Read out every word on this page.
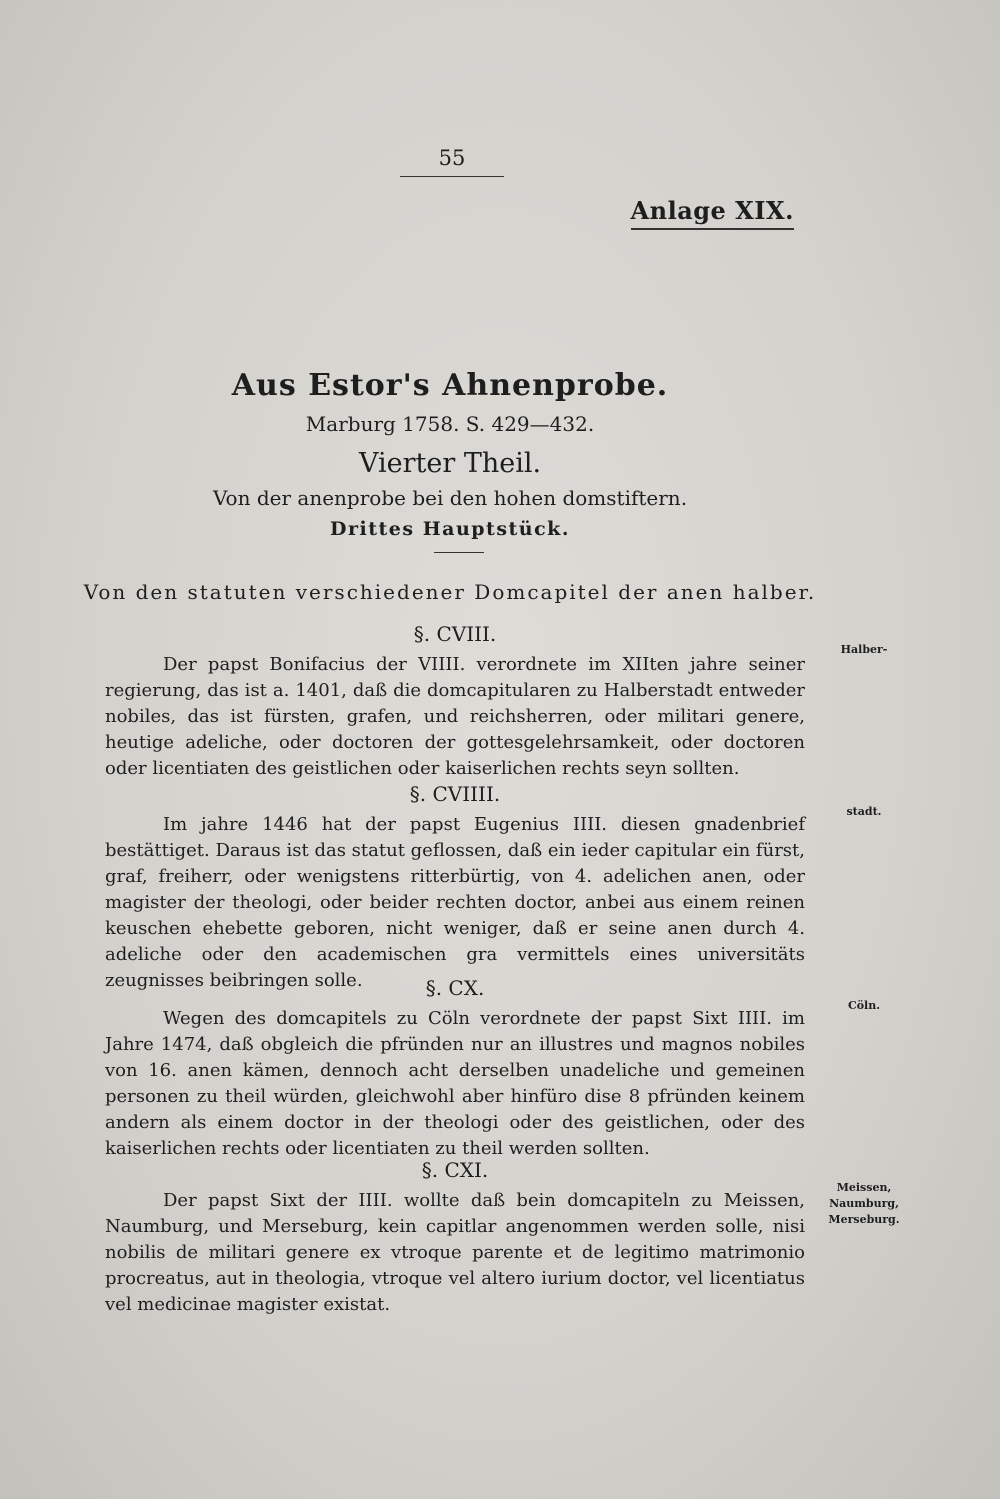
55
Anlage XIX.
Aus Estor's Ahnenprobe.
Marburg 1758. S. 429—432.
Vierter Theil.
Von der anenprobe bei den hohen domstiftern.
Drittes Hauptstück.
Von den statuten verschiedener Domcapitel der anen halber.
§. CVIII.

Der papst Bonifacius der VIIII. verordnete im XIIten jahre seiner regierung, das ist a. 1401, daß die domcapitularen zu Halberstadt entweder nobiles, das ist fürsten, grafen, und reichsherren, oder militari genere, heutige adeliche, oder doctoren der gottesgelehrsamkeit, oder doctoren oder licentiaten des geistlichen oder kaiserlichen rechts seyn sollten.

§. CVIIII.

Im jahre 1446 hat der papst Eugenius IIII. diesen gnadenbrief bestättiget. Daraus ist das statut geflossen, daß ein ieder capitular ein fürst, graf, freiherr, oder wenigstens ritterbürtig, von 4. adelichen anen, oder magister der theologi, oder beider rechten doctor, anbei aus einem reinen keuschen ehebette geboren, nicht weniger, daß er seine anen durch 4. adeliche oder den academischen gra vermittels eines universitäts zeugnisses beibringen solle.	§. CX.

Wegen des domcapitels zu Cöln verordnete der papst Sixt IIII. im Jahre 1474, daß obgleich die pfründen nur an illustres und magnos nobiles von 16. anen kämen, dennoch acht derselben unadeliche und gemeinen personen zu theil würden, gleichwohl aber hinfüro dise 8 pfründen keinem andern als einem doctor in der theologi oder des geistlichen, oder des kaiserlichen rechts oder licentiaten zu theil werden sollten.

§. CXI.

Der papst Sixt der IIII. wollte daß bein domcapiteln zu Meissen, Naumburg, und Merseburg, kein capitlar angenommen werden solle, nisi nobilis de militari genere ex vtroque parente et de legitimo matrimonio procreatus, aut in theologia, vtroque vel altero iurium doctor, vel licentiatus vel medicinae magister existat.

Halber-
stadt.
Cöln.
Meissen,
Naumburg,
Merseburg.
